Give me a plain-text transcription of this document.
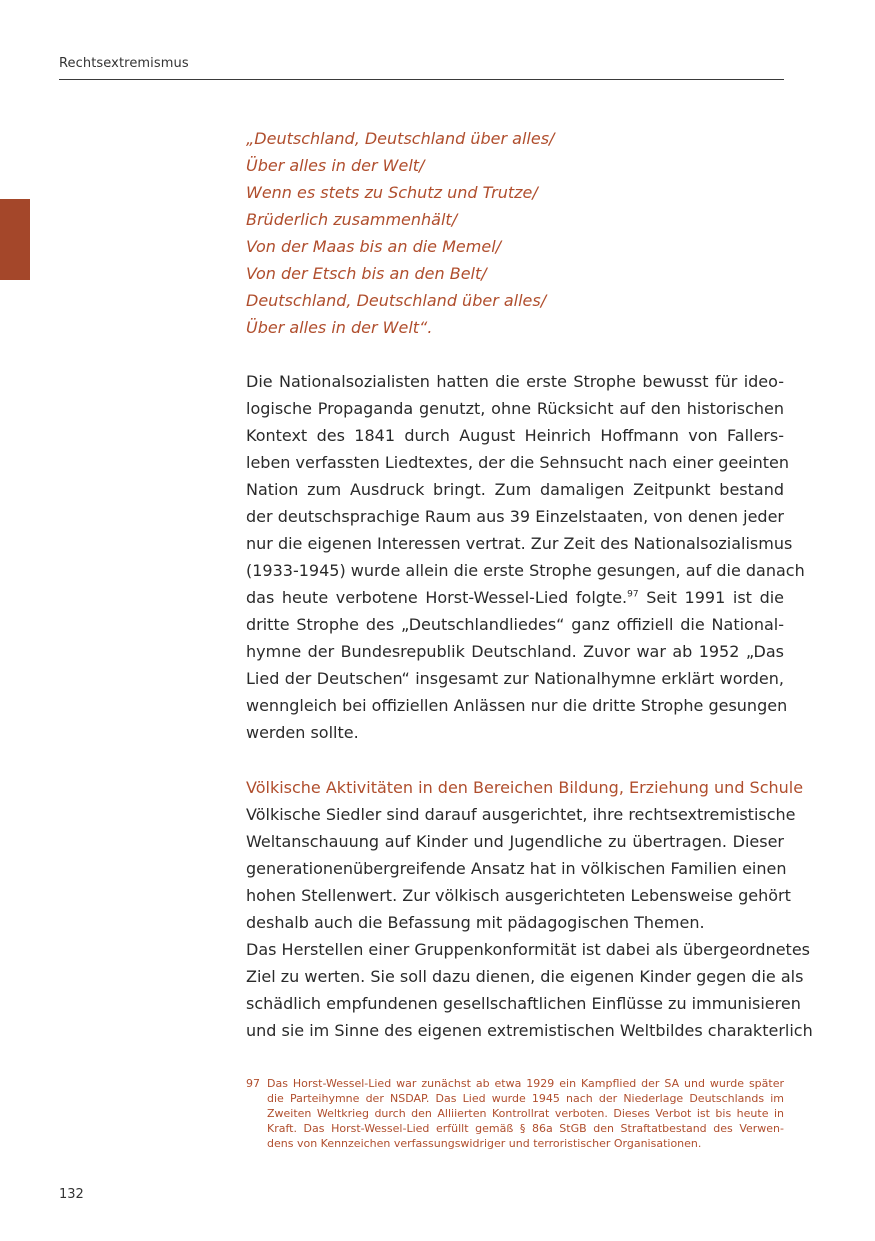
Rechtsextremismus
„Deutschland, Deutschland über alles/
Über alles in der Welt/
Wenn es stets zu Schutz und Trutze/
Brüderlich zusammenhält/
Von der Maas bis an die Memel/
Von der Etsch bis an den Belt/
Deutschland, Deutschland über alles/
Über alles in der Welt“.
Die Nationalsozialisten hatten die erste Strophe bewusst für ideo-
logische Propaganda genutzt, ohne Rücksicht auf den historischen
Kontext des 1841 durch August Heinrich Hoffmann von Fallers-
leben verfassten Liedtextes, der die Sehnsucht nach einer geeinten
Nation zum Ausdruck bringt. Zum damaligen Zeitpunkt bestand
der deutschsprachige Raum aus 39 Einzelstaaten, von denen jeder
nur die eigenen Interessen vertrat. Zur Zeit des Nationalsozialismus
(1933-1945) wurde allein die erste Strophe gesungen, auf die danach
das heute verbotene Horst-Wessel-Lied folgte.$^{97}$ Seit 1991 ist die
dritte Strophe des „Deutschlandliedes“ ganz offiziell die National-
hymne der Bundesrepublik Deutschland. Zuvor war ab 1952 „Das
Lied der Deutschen“ insgesamt zur Nationalhymne erklärt worden,
wenngleich bei offiziellen Anlässen nur die dritte Strophe gesungen
werden sollte.
Völkische Aktivitäten in den Bereichen Bildung, Erziehung und Schule
Völkische Siedler sind darauf ausgerichtet, ihre rechtsextremistische
Weltanschauung auf Kinder und Jugendliche zu übertragen. Dieser
generationenübergreifende Ansatz hat in völkischen Familien einen
hohen Stellenwert. Zur völkisch ausgerichteten Lebensweise gehört
deshalb auch die Befassung mit pädagogischen Themen.
Das Herstellen einer Gruppenkonformität ist dabei als übergeordnetes
Ziel zu werten. Sie soll dazu dienen, die eigenen Kinder gegen die als
schädlich empfundenen gesellschaftlichen Einflüsse zu immunisieren
und sie im Sinne des eigenen extremistischen Weltbildes charakterlich
97 Das Horst-Wessel-Lied war zunächst ab etwa 1929 ein Kampflied der SA und wurde später
die Parteihymne der NSDAP. Das Lied wurde 1945 nach der Niederlage Deutschlands im
Zweiten Weltkrieg durch den Alliierten Kontrollrat verboten. Dieses Verbot ist bis heute in
Kraft. Das Horst-Wessel-Lied erfüllt gemäß § 86a StGB den Straftatbestand des Verwen-
dens von Kennzeichen verfassungswidriger und terroristischer Organisationen.
132
